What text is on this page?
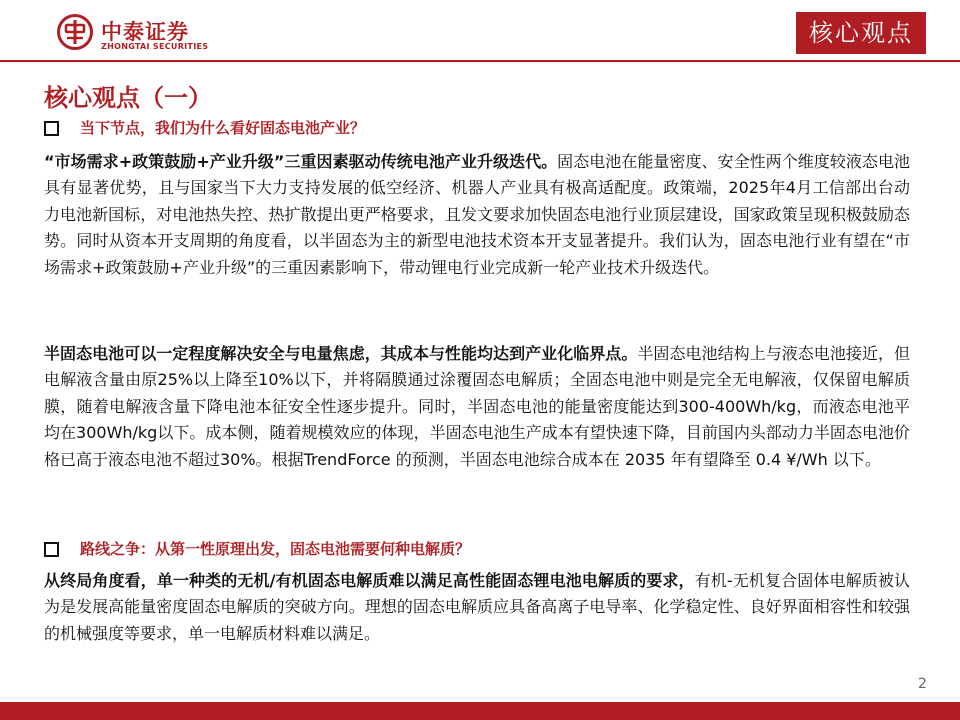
中泰证券
ZHONGTAI SECURITIES	核心观点
核心观点（一）
当下节点，我们为什么看好固态电池产业？

“市场需求+政策鼓励+产业升级”三重因素驱动传统电池产业升级迭代。固态电池在能量密度、安全性两个维度较液态电池具有显著优势，且与国家当下大力支持发展的低空经济、机器人产业具有极高适配度。政策端，2025年4月工信部出台动力电池新国标，对电池热失控、热扩散提出更严格要求，且发文要求加快固态电池行业顶层建设，国家政策呈现积极鼓励态势。同时从资本开支周期的角度看，以半固态为主的新型电池技术资本开支显著提升。我们认为，固态电池行业有望在“市场需求+政策鼓励+产业升级”的三重因素影响下，带动锂电行业完成新一轮产业技术升级迭代。

半固态电池可以一定程度解决安全与电量焦虑，其成本与性能均达到产业化临界点。半固态电池结构上与液态电池接近，但电解液含量由原25%以上降至10%以下，并将隔膜通过涂覆固态电解质；全固态电池中则是完全无电解液，仅保留电解质膜，随着电解液含量下降电池本征安全性逐步提升。同时，半固态电池的能量密度能达到300-400Wh/kg，而液态电池平均在300Wh/kg以下。成本侧，随着规模效应的体现，半固态电池生产成本有望快速下降，目前国内头部动力半固态电池价格已高于液态电池不超过30%。根据TrendForce 的预测，半固态电池综合成本在 2035 年有望降至 0.4 ¥/Wh 以下。

路线之争：从第一性原理出发，固态电池需要何种电解质？

从终局角度看，单一种类的无机/有机固态电解质难以满足高性能固态锂电池电解质的要求，有机-无机复合固体电解质被认为是发展高能量密度固态电解质的突破方向。理想的固态电解质应具备高离子电导率、化学稳定性、良好界面相容性和较强的机械强度等要求，单一电解质材料难以满足。

2
